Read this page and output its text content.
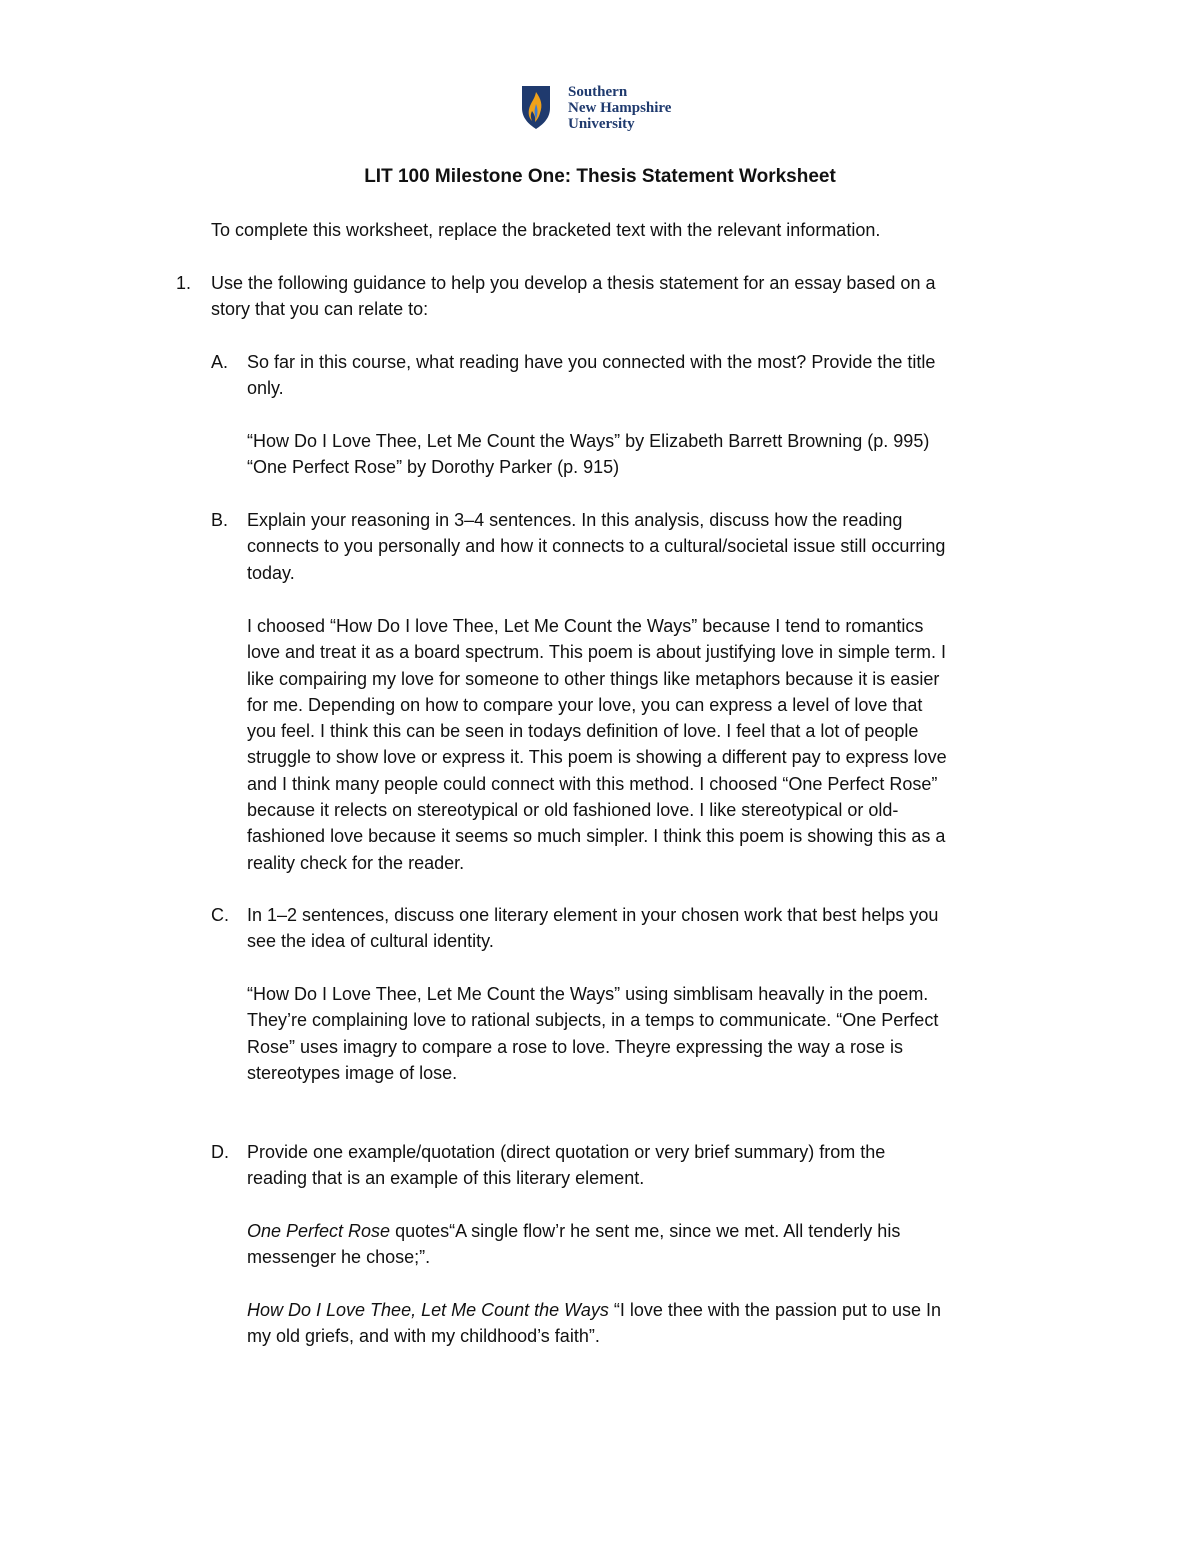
Southern
New Hampshire
University
LIT 100 Milestone One: Thesis Statement Worksheet
To complete this worksheet, replace the bracketed text with the relevant information.
1. Use the following guidance to help you develop a thesis statement for an essay based on a
story that you can relate to:
A. So far in this course, what reading have you connected with the most? Provide the title
only.
“How Do I Love Thee, Let Me Count the Ways” by Elizabeth Barrett Browning (p. 995)
“One Perfect Rose” by Dorothy Parker (p. 915)
B. Explain your reasoning in 3–4 sentences. In this analysis, discuss how the reading
connects to you personally and how it connects to a cultural/societal issue still occurring
today.
I choosed “How Do I love Thee, Let Me Count the Ways” because I tend to romantics
love and treat it as a board spectrum. This poem is about justifying love in simple term. I
like compairing my love for someone to other things like metaphors because it is easier
for me. Depending on how to compare your love, you can express a level of love that
you feel. I think this can be seen in todays definition of love. I feel that a lot of people
struggle to show love or express it. This poem is showing a different pay to express love
and I think many people could connect with this method. I choosed “One Perfect Rose”
because it relects on stereotypical or old fashioned love. I like stereotypical or old-
fashioned love because it seems so much simpler. I think this poem is showing this as a
reality check for the reader.
C. In 1–2 sentences, discuss one literary element in your chosen work that best helps you
see the idea of cultural identity.
“How Do I Love Thee, Let Me Count the Ways” using simblisam heavally in the poem.
They’re complaining love to rational subjects, in a temps to communicate. “One Perfect
Rose” uses imagry to compare a rose to love. Theyre expressing the way a rose is
stereotypes image of lose.
D. Provide one example/quotation (direct quotation or very brief summary) from the
reading that is an example of this literary element.
One Perfect Rose quotes“A single flow’r he sent me, since we met. All tenderly his
messenger he chose;”.
How Do I Love Thee, Let Me Count the Ways “I love thee with the passion put to use In
my old griefs, and with my childhood’s faith”.
